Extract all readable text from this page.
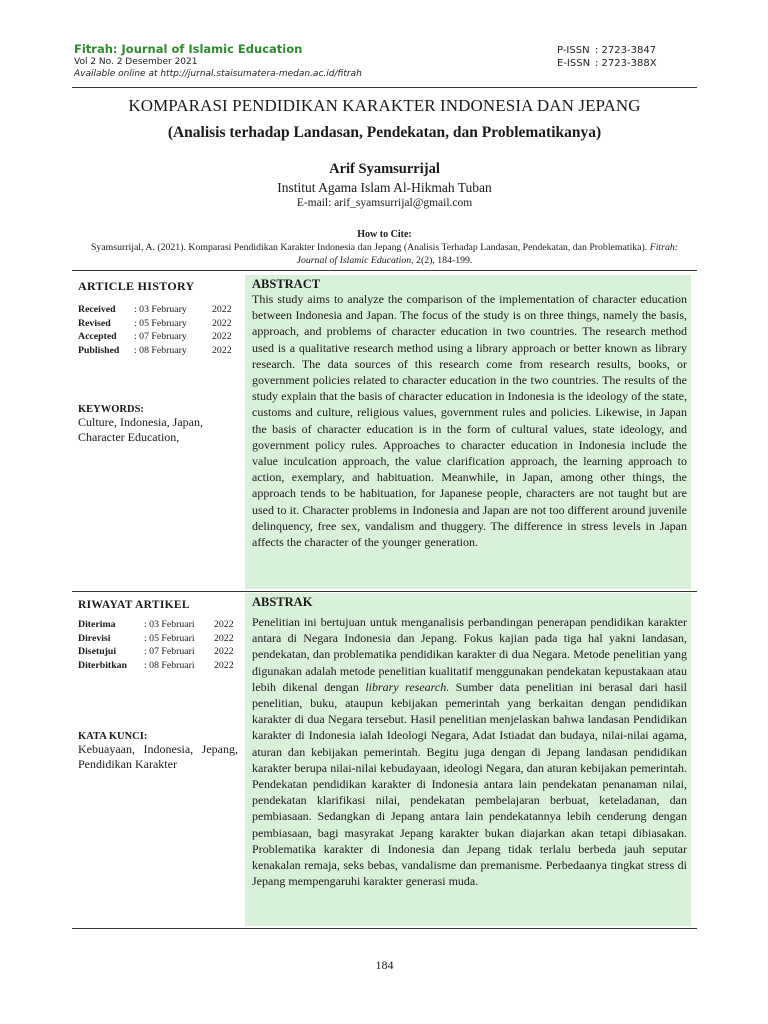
Fitrah: Journal of Islamic Education
Vol 2 No. 2 Desember 2021
Available online at http://jurnal.staisumatera-medan.ac.id/fitrah
P-ISSN : 2723-3847
E-ISSN : 2723-388X
KOMPARASI PENDIDIKAN KARAKTER INDONESIA DAN JEPANG
(Analisis terhadap Landasan, Pendekatan, dan Problematikanya)
Arif Syamsurrijal
Institut Agama Islam Al-Hikmah Tuban
E-mail: arif_syamsurrijal@gmail.com
How to Cite:
Syamsurrijal, A. (2021). Komparasi Pendidikan Karakter Indonesia dan Jepang (Analisis Terhadap Landasan, Pendekatan, dan Problematika). Fitrah: Journal of Islamic Education, 2(2), 184-199.
ARTICLE HISTORY
Received : 03 February	2022
Revised : 05 February	2022
Accepted : 07 February	2022
Published : 08 February	2022
KEYWORDS:
Culture, Indonesia, Japan, Character Education,
ABSTRACT
This study aims to analyze the comparison of the implementation of character education between Indonesia and Japan. The focus of the study is on three things, namely the basis, approach, and problems of character education in two countries. The research method used is a qualitative research method using a library approach or better known as library research. The data sources of this research come from research results, books, or government policies related to character education in the two countries. The results of the study explain that the basis of character education in Indonesia is the ideology of the state, customs and culture, religious values, government rules and policies. Likewise, in Japan the basis of character education is in the form of cultural values, state ideology, and government policy rules. Approaches to character education in Indonesia include the value inculcation approach, the value clarification approach, the learning approach to action, exemplary, and habituation. Meanwhile, in Japan, among other things, the approach tends to be habituation, for Japanese people, characters are not taught but are used to it. Character problems in Indonesia and Japan are not too different around juvenile delinquency, free sex, vandalism and thuggery. The difference in stress levels in Japan affects the character of the younger generation.
RIWAYAT ARTIKEL
Diterima	: 03 Februari 2022
Direvisi	: 05 Februari 2022
Disetujui	: 07 Februari 2022
Diterbitkan : 08 Februari 2022
KATA KUNCI:
Kebuayaan, Indonesia, Jepang, Pendidikan Karakter
ABSTRAK
Penelitian ini bertujuan untuk menganalisis perbandingan penerapan pendidikan karakter antara di Negara Indonesia dan Jepang. Fokus kajian pada tiga hal yakni landasan, pendekatan, dan problematika pendidikan karakter di dua Negara. Metode penelitian yang digunakan adalah metode penelitian kualitatif menggunakan pendekatan kepustakaan atau lebih dikenal dengan library research. Sumber data penelitian ini berasal dari hasil penelitian, buku, ataupun kebijakan pemerintah yang berkaitan dengan pendidikan karakter di dua Negara tersebut. Hasil penelitian menjelaskan bahwa landasan Pendidikan karakter di Indonesia ialah Ideologi Negara, Adat Istiadat dan budaya, nilai-nilai agama, aturan dan kebijakan pemerintah. Begitu juga dengan di Jepang landasan pendidikan karakter berupa nilai-nilai kebudayaan, ideologi Negara, dan aturan kebijakan pemerintah. Pendekatan pendidikan karakter di Indonesia antara lain pendekatan penanaman nilai, pendekatan klarifikasi nilai, pendekatan pembelajaran berbuat, keteladanan, dan pembiasaan. Sedangkan di Jepang antara lain pendekatannya lebih cenderung dengan pembiasaan, bagi masyrakat Jepang karakter bukan diajarkan akan tetapi dibiasakan. Problematika karakter di Indonesia dan Jepang tidak terlalu berbeda jauh seputar kenakalan remaja, seks bebas, vandalisme dan premanisme. Perbedaanya tingkat stress di Jepang mempengaruhi karakter generasi muda.
184
